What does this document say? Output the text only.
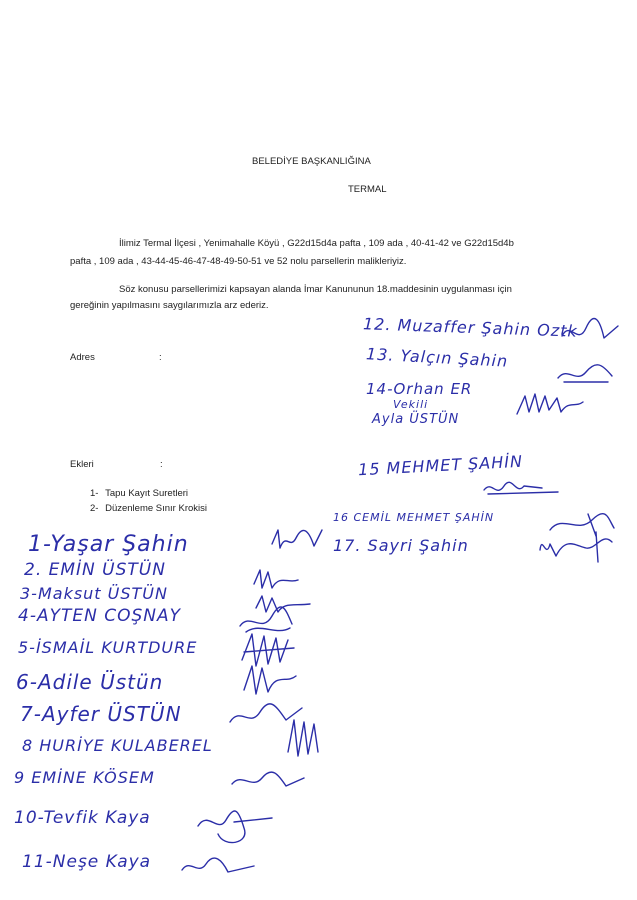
BELEDİYE BAŞKANLIĞINA
TERMAL
İlimiz Termal İlçesi , Yenimahalle Köyü , G22d15d4a pafta , 109 ada , 40-41-42 ve G22d15d4b
pafta , 109 ada , 43-44-45-46-47-48-49-50-51 ve 52 nolu parsellerin malikleriyiz.
Söz konusu parsellerimizi kapsayan alanda İmar Kanununun 18.maddesinin uygulanması için
gereğinin yapılmasını saygılarımızla arz ederiz.
Adres	:
Ekleri	:
1- Tapu Kayıt Suretleri
2- Düzenleme Sınır Krokisi
12. Muzaffer Şahin Oztk
13. Yalçın Şahin
14-Orhan ER
Vekili
Ayla ÜSTÜN
15 MEHMET ŞAHİN
16 CEMİL MEHMET ŞAHİN
17. Sayri Şahin
1-Yaşar Şahin
2. EMİN ÜSTÜN
3-Maksut ÜSTÜN
4-AYTEN COŞNAY
5-İSMAİL KURTDURE
6-Adile Üstün
7-Ayfer ÜSTÜN
8 HURİYE KULABEREL
9 EMİNE KÖSEM
10-Tevfik Kaya
11-Neşe Kaya
